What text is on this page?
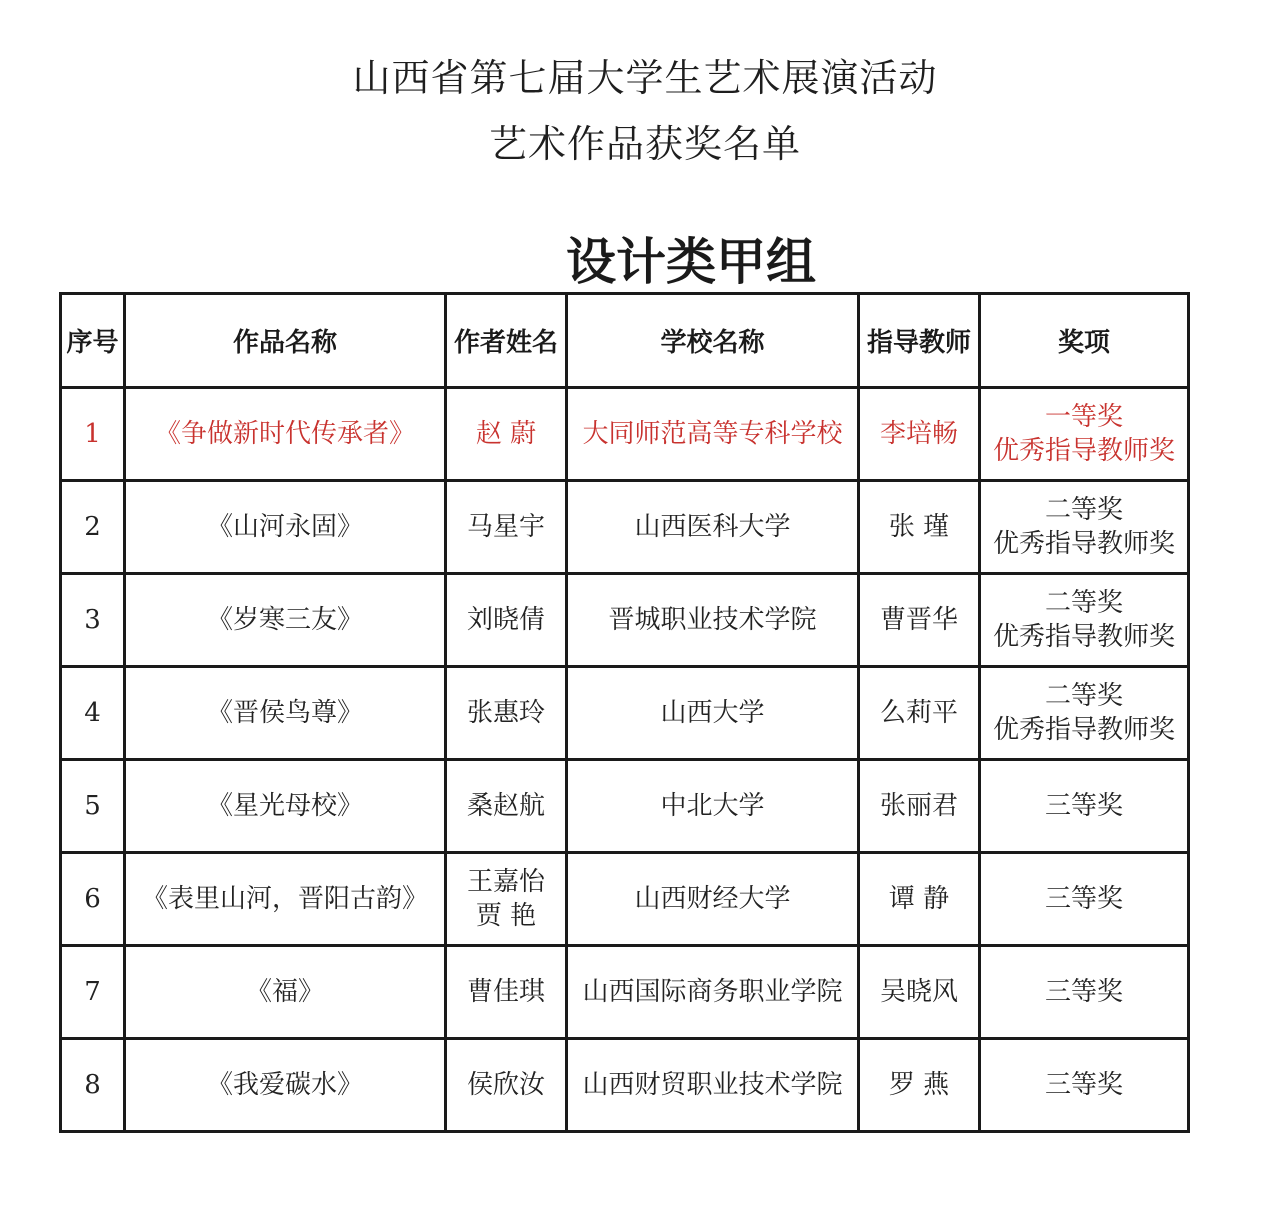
山西省第七届大学生艺术展演活动
艺术作品获奖名单
设计类甲组
序号	作品名称	作者姓名	学校名称	指导教师	奖项
1	《争做新时代传承者》	赵 蔚	大同师范高等专科学校	李培畅	一等奖
优秀指导教师奖

2	《山河永固》	马星宇	山西医科大学	张 瑾	二等奖
优秀指导教师奖

3	《岁寒三友》	刘晓倩	晋城职业技术学院	曹晋华	二等奖
优秀指导教师奖

4	《晋侯鸟尊》	张惠玲	山西大学	么莉平	二等奖
优秀指导教师奖

5	《星光母校》	桑赵航	中北大学	张丽君	三等奖

6	《表里山河，晋阳古韵》	王嘉怡
贾 艳	山西财经大学	谭 静	三等奖

7	《福》	曹佳琪	山西国际商务职业学院	吴晓风	三等奖

8	《我爱碳水》	侯欣汝	山西财贸职业技术学院	罗 燕	三等奖
